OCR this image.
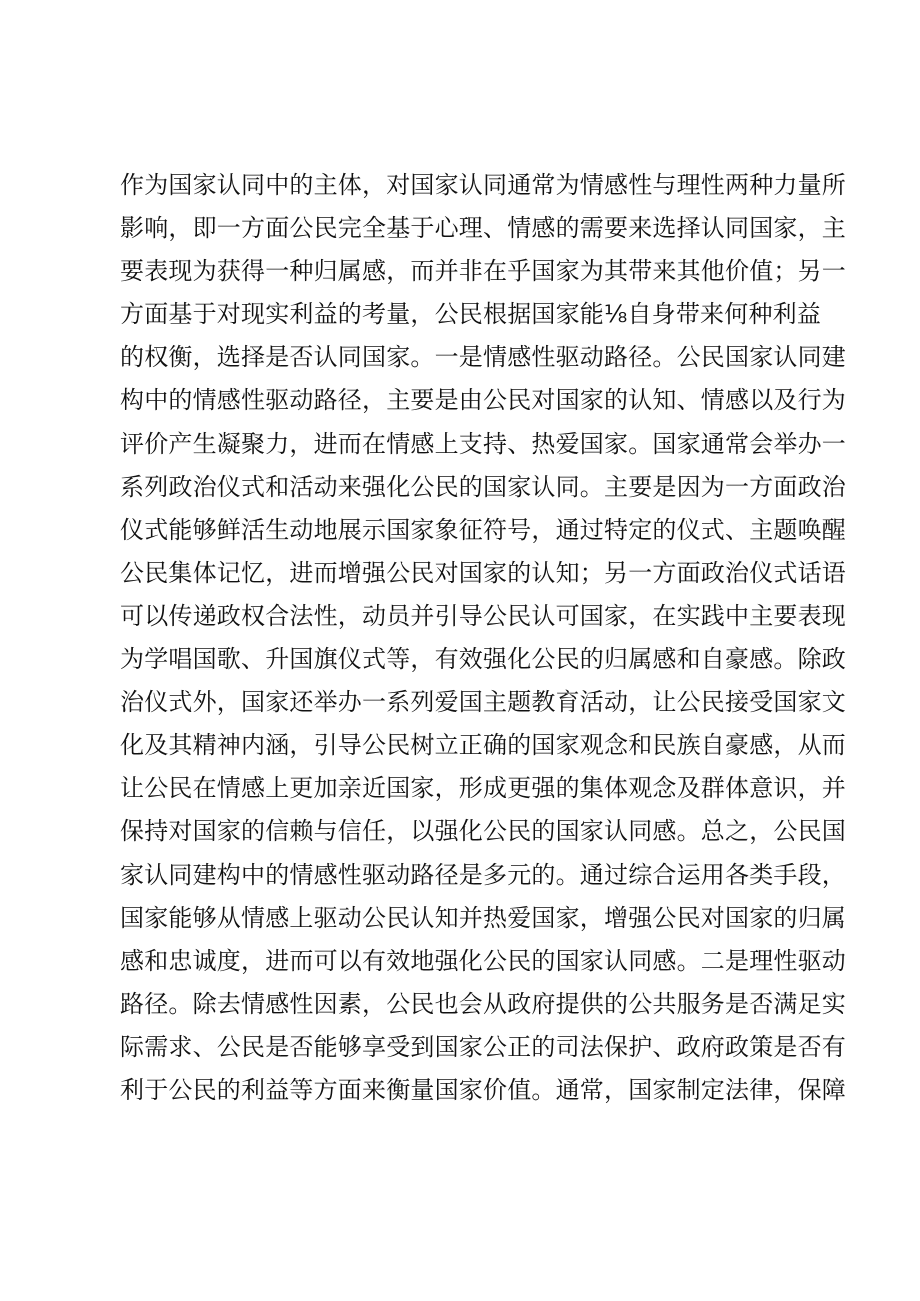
作为国家认同中的主体，对国家认同通常为情感性与理性两种力量所
影响，即一方面公民完全基于心理、情感的需要来选择认同国家，主
要表现为获得一种归属感，而并非在乎国家为其带来其他价值；另一
方面基于对现实利益的考量，公民根据国家能⅛自身带来何种利益
的权衡，选择是否认同国家。一是情感性驱动路径。公民国家认同建
构中的情感性驱动路径，主要是由公民对国家的认知、情感以及行为
评价产生凝聚力，进而在情感上支持、热爱国家。国家通常会举办一
系列政治仪式和活动来强化公民的国家认同。主要是因为一方面政治
仪式能够鲜活生动地展示国家象征符号，通过特定的仪式、主题唤醒
公民集体记忆，进而增强公民对国家的认知；另一方面政治仪式话语
可以传递政权合法性，动员并引导公民认可国家，在实践中主要表现
为学唱国歌、升国旗仪式等，有效强化公民的归属感和自豪感。除政
治仪式外，国家还举办一系列爱国主题教育活动，让公民接受国家文
化及其精神内涵，引导公民树立正确的国家观念和民族自豪感，从而
让公民在情感上更加亲近国家，形成更强的集体观念及群体意识，并
保持对国家的信赖与信任，以强化公民的国家认同感。总之，公民国
家认同建构中的情感性驱动路径是多元的。通过综合运用各类手段，
国家能够从情感上驱动公民认知并热爱国家，增强公民对国家的归属
感和忠诚度，进而可以有效地强化公民的国家认同感。二是理性驱动
路径。除去情感性因素，公民也会从政府提供的公共服务是否满足实
际需求、公民是否能够享受到国家公正的司法保护、政府政策是否有
利于公民的利益等方面来衡量国家价值。通常，国家制定法律，保障
